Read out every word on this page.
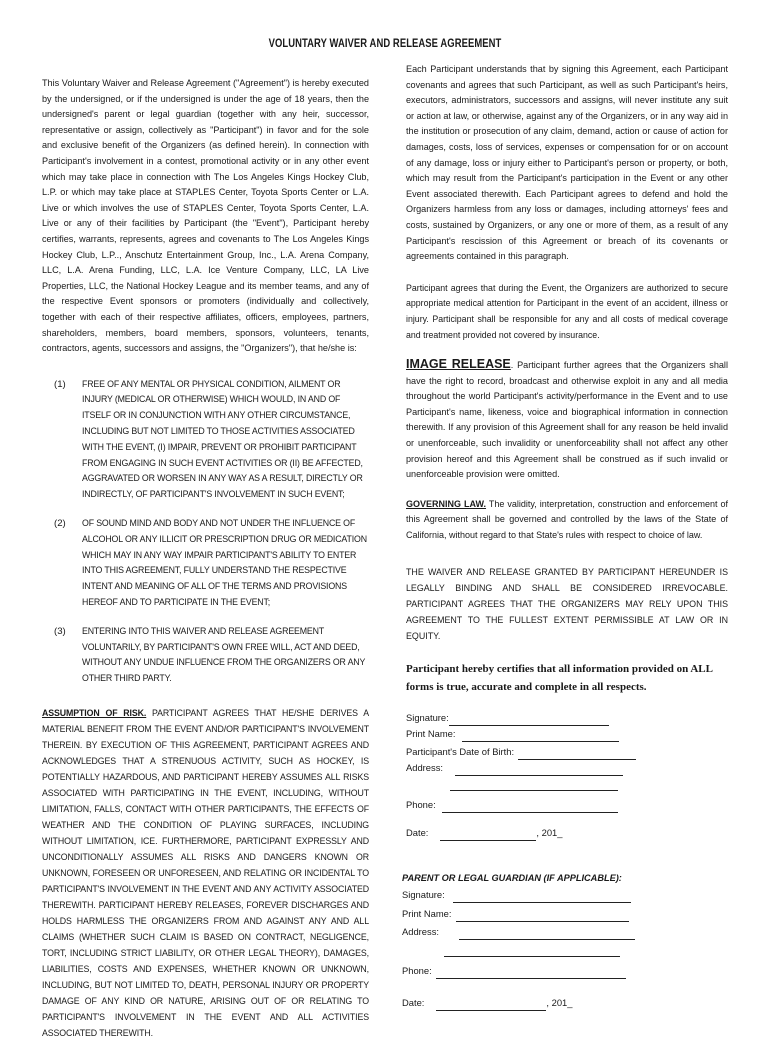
VOLUNTARY WAIVER AND RELEASE AGREEMENT

This Voluntary Waiver and Release Agreement ("Agreement") is hereby executed by the undersigned, or if the undersigned is under the age of 18 years, then the undersigned's parent or legal guardian (together with any heir, successor, representative or assign, collectively as "Participant") in favor and for the sole and exclusive benefit of the Organizers (as defined herein). In connection with Participant's involvement in a contest, promotional activity or in any other event which may take place in connection with The Los Angeles Kings Hockey Club, L.P. or which may take place at STAPLES Center, Toyota Sports Center or L.A. Live or which involves the use of STAPLES Center, Toyota Sports Center, L.A. Live or any of their facilities by Participant (the "Event"), Participant hereby certifies, warrants, represents, agrees and covenants to The Los Angeles Kings Hockey Club, L.P.., Anschutz Entertainment Group, Inc., L.A. Arena Company, LLC, L.A. Arena Funding, LLC, L.A. Ice Venture Company, LLC, LA Live Properties, LLC, the National Hockey League and its member teams, and any of the respective Event sponsors or promoters (individually and collectively, together with each of their respective affiliates, officers, employees, partners, shareholders, members, board members, sponsors, volunteers, tenants, contractors, agents, successors and assigns, the "Organizers"), that he/she is:

(1)	FREE OF ANY MENTAL OR PHYSICAL CONDITION, AILMENT OR INJURY (MEDICAL OR OTHERWISE) WHICH WOULD, IN AND OF ITSELF OR IN CONJUNCTION WITH ANY OTHER CIRCUMSTANCE, INCLUDING BUT NOT LIMITED TO THOSE ACTIVITIES ASSOCIATED WITH THE EVENT, (I) IMPAIR, PREVENT OR PROHIBIT PARTICIPANT FROM ENGAGING IN SUCH EVENT ACTIVITIES OR (II) BE AFFECTED, AGGRAVATED OR WORSEN IN ANY WAY AS A RESULT, DIRECTLY OR INDIRECTLY, OF PARTICIPANT'S INVOLVEMENT IN SUCH EVENT;
(2)	OF SOUND MIND AND BODY AND NOT UNDER THE INFLUENCE OF ALCOHOL OR ANY ILLICIT OR PRESCRIPTION DRUG OR MEDICATION WHICH MAY IN ANY WAY IMPAIR PARTICIPANT'S ABILITY TO ENTER INTO THIS AGREEMENT, FULLY UNDERSTAND THE RESPECTIVE INTENT AND MEANING OF ALL OF THE TERMS AND PROVISIONS HEREOF AND TO PARTICIPATE IN THE EVENT;
(3)	ENTERING INTO THIS WAIVER AND RELEASE AGREEMENT VOLUNTARILY, BY PARTICIPANT'S OWN FREE WILL, ACT AND DEED, WITHOUT ANY UNDUE INFLUENCE FROM THE ORGANIZERS OR ANY OTHER THIRD PARTY.

ASSUMPTION OF RISK. PARTICIPANT AGREES THAT HE/SHE DERIVES A MATERIAL BENEFIT FROM THE EVENT AND/OR PARTICIPANT'S INVOLVEMENT THEREIN. BY EXECUTION OF THIS AGREEMENT, PARTICIPANT AGREES AND ACKNOWLEDGES THAT A STRENUOUS ACTIVITY, SUCH AS HOCKEY, IS POTENTIALLY HAZARDOUS, AND PARTICIPANT HEREBY ASSUMES ALL RISKS ASSOCIATED WITH PARTICIPATING IN THE EVENT, INCLUDING, WITHOUT LIMITATION, FALLS, CONTACT WITH OTHER PARTICIPANTS, THE EFFECTS OF WEATHER AND THE CONDITION OF PLAYING SURFACES, INCLUDING WITHOUT LIMITATION, ICE. FURTHERMORE, PARTICIPANT EXPRESSLY AND UNCONDITIONALLY ASSUMES ALL RISKS AND DANGERS KNOWN OR UNKNOWN, FORESEEN OR UNFORESEEN, AND RELATING OR INCIDENTAL TO PARTICIPANT'S INVOLVEMENT IN THE EVENT AND ANY ACTIVITY ASSOCIATED THEREWITH. PARTICIPANT HEREBY RELEASES, FOREVER DISCHARGES AND HOLDS HARMLESS THE ORGANIZERS FROM AND AGAINST ANY AND ALL CLAIMS (WHETHER SUCH CLAIM IS BASED ON CONTRACT, NEGLIGENCE, TORT, INCLUDING STRICT LIABILITY, OR OTHER LEGAL THEORY), DAMAGES, LIABILITIES, COSTS AND EXPENSES, WHETHER KNOWN OR UNKNOWN, INCLUDING, BUT NOT LIMITED TO, DEATH, PERSONAL INJURY OR PROPERTY DAMAGE OF ANY KIND OR NATURE, ARISING OUT OF OR RELATING TO PARTICIPANT'S INVOLVEMENT IN THE EVENT AND ALL ACTIVITIES ASSOCIATED THEREWITH.

Each Participant understands that by signing this Agreement, each Participant covenants and agrees that such Participant, as well as such Participant's heirs, executors, administrators, successors and assigns, will never institute any suit or action at law, or otherwise, against any of the Organizers, or in any way aid in the institution or prosecution of any claim, demand, action or cause of action for damages, costs, loss of services, expenses or compensation for or on account of any damage, loss or injury either to Participant's person or property, or both, which may result from the Participant's participation in the Event or any other Event associated therewith. Each Participant agrees to defend and hold the Organizers harmless from any loss or damages, including attorneys' fees and costs, sustained by Organizers, or any one or more of them, as a result of any Participant's rescission of this Agreement or breach of its covenants or agreements contained in this paragraph.

Participant agrees that during the Event, the Organizers are authorized to secure appropriate medical attention for Participant in the event of an accident, illness or injury. Participant shall be responsible for any and all costs of medical coverage and treatment provided not covered by insurance.

IMAGE RELEASE. Participant further agrees that the Organizers shall have the right to record, broadcast and otherwise exploit in any and all media throughout the world Participant's activity/performance in the Event and to use Participant's name, likeness, voice and biographical information in connection therewith. If any provision of this Agreement shall for any reason be held invalid or unenforceable, such invalidity or unenforceability shall not affect any other provision hereof and this Agreement shall be construed as if such invalid or unenforceable provision were omitted.

GOVERNING LAW. The validity, interpretation, construction and enforcement of this Agreement shall be governed and controlled by the laws of the State of California, without regard to that State's rules with respect to choice of law.

THE WAIVER AND RELEASE GRANTED BY PARTICIPANT HEREUNDER IS LEGALLY BINDING AND SHALL BE CONSIDERED IRREVOCABLE. PARTICIPANT AGREES THAT THE ORGANIZERS MAY RELY UPON THIS AGREEMENT TO THE FULLEST EXTENT PERMISSIBLE AT LAW OR IN EQUITY.

Participant hereby certifies that all information provided on ALL forms is true, accurate and complete in all respects.

Signature:
Print Name:
Participant's Date of Birth:
Address:
Phone:
Date:	, 201_
PARENT OR LEGAL GUARDIAN (IF APPLICABLE):
Signature:
Print Name:
Address:
Phone:
Date:	, 201_
